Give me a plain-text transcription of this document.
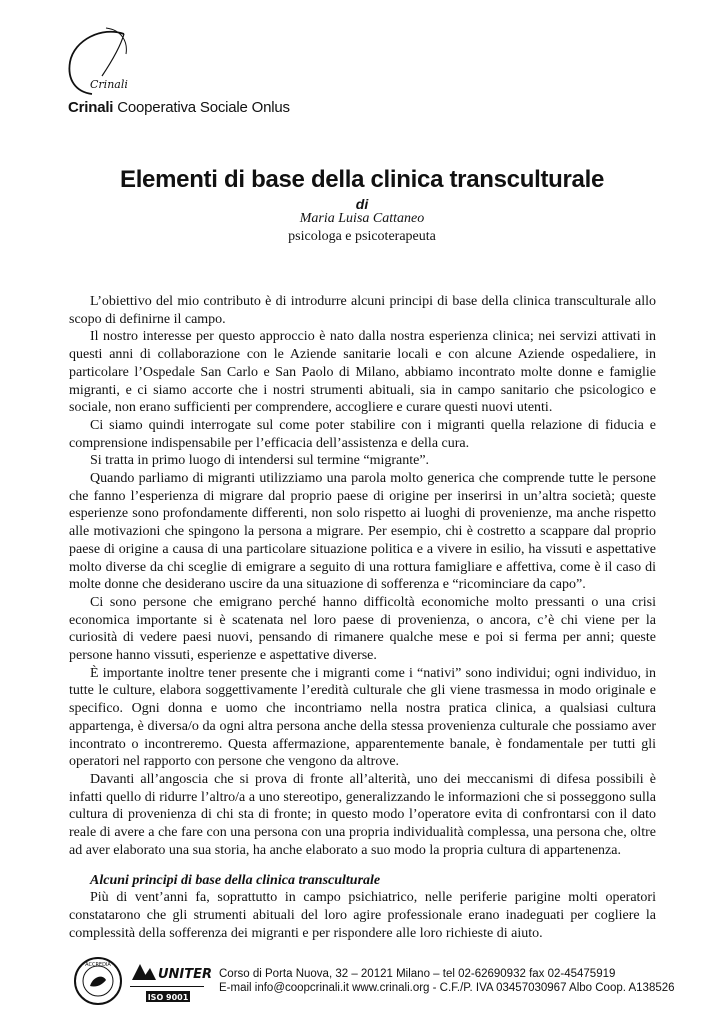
Crinali
Crinali Cooperativa Sociale Onlus
Elementi di base della clinica transculturale
di
Maria Luisa Cattaneo
psicologa e psicoterapeuta

L’obiettivo del mio contributo è di introdurre alcuni principi di base della clinica transculturale allo scopo di definirne il campo.

Il nostro interesse per questo approccio è nato dalla nostra esperienza clinica; nei servizi attivati in questi anni di collaborazione con le Aziende sanitarie locali e con alcune Aziende ospedaliere, in particolare l’Ospedale San Carlo e San Paolo di Milano, abbiamo incontrato molte donne e famiglie migranti, e ci siamo accorte che i nostri strumenti abituali, sia in campo sanitario che psicologico e sociale, non erano sufficienti per comprendere, accogliere e curare questi nuovi utenti.

Ci siamo quindi interrogate sul come poter stabilire con i migranti quella relazione di fiducia e comprensione indispensabile per l’efficacia dell’assistenza e della cura.

Si tratta in primo luogo di intendersi sul termine “migrante”.

Quando parliamo di migranti utilizziamo una parola molto generica che comprende tutte le persone che fanno l’esperienza di migrare dal proprio paese di origine per inserirsi in un’altra società; queste esperienze sono profondamente differenti, non solo rispetto ai luoghi di provenienze, ma anche rispetto alle motivazioni che spingono la persona a migrare. Per esempio, chi è costretto a scappare dal proprio paese di origine a causa di una particolare situazione politica e a vivere in esilio, ha vissuti e aspettative molto diverse da chi sceglie di emigrare a seguito di una rottura famigliare e affettiva, come è il caso di molte donne che desiderano uscire da una situazione di sofferenza e “ricominciare da capo”.

Ci sono persone che emigrano perché hanno difficoltà economiche molto pressanti o una crisi economica importante si è scatenata nel loro paese di provenienza, o ancora, c’è chi viene per la curiosità di vedere paesi nuovi, pensando di rimanere qualche mese e poi si ferma per anni; queste persone hanno vissuti, esperienze e aspettative diverse.

È importante inoltre tener presente che i migranti come i “nativi” sono individui; ogni individuo, in tutte le culture, elabora soggettivamente l’eredità culturale che gli viene trasmessa in modo originale e specifico. Ogni donna e uomo che incontriamo nella nostra pratica clinica, a qualsiasi cultura appartenga, è diversa/o da ogni altra persona anche della stessa provenienza culturale che possiamo aver incontrato o incontreremo. Questa affermazione, apparentemente banale, è fondamentale per tutti gli operatori nel rapporto con persone che vengono da altrove.

Davanti all’angoscia che si prova di fronte all’alterità, uno dei meccanismi di difesa possibili è infatti quello di ridurre l’altro/a a uno stereotipo, generalizzando le informazioni che si posseggono sulla cultura di provenienza di chi sta di fronte; in questo modo l’operatore evita di confrontarsi con il dato reale di avere a che fare con una persona con una propria individualità complessa, una persona che, oltre ad aver elaborato una sua storia, ha anche elaborato a suo modo la propria cultura di appartenenza.

Alcuni principi di base della clinica transculturale

Più di vent’anni fa, soprattutto in campo psichiatrico, nelle periferie parigine molti operatori constatarono che gli strumenti abituali del loro agire professionale erano inadeguati per cogliere la complessità della sofferenza dei migranti e per rispondere alle loro richieste di aiuto.

ACCREDIA
UNITER
ISO 9001
Corso di Porta Nuova, 32 – 20121 Milano – tel 02-62690932 fax 02-45475919
E-mail info@coopcrinali.it www.crinali.org - C.F./P. IVA 03457030967 Albo Coop. A138526
